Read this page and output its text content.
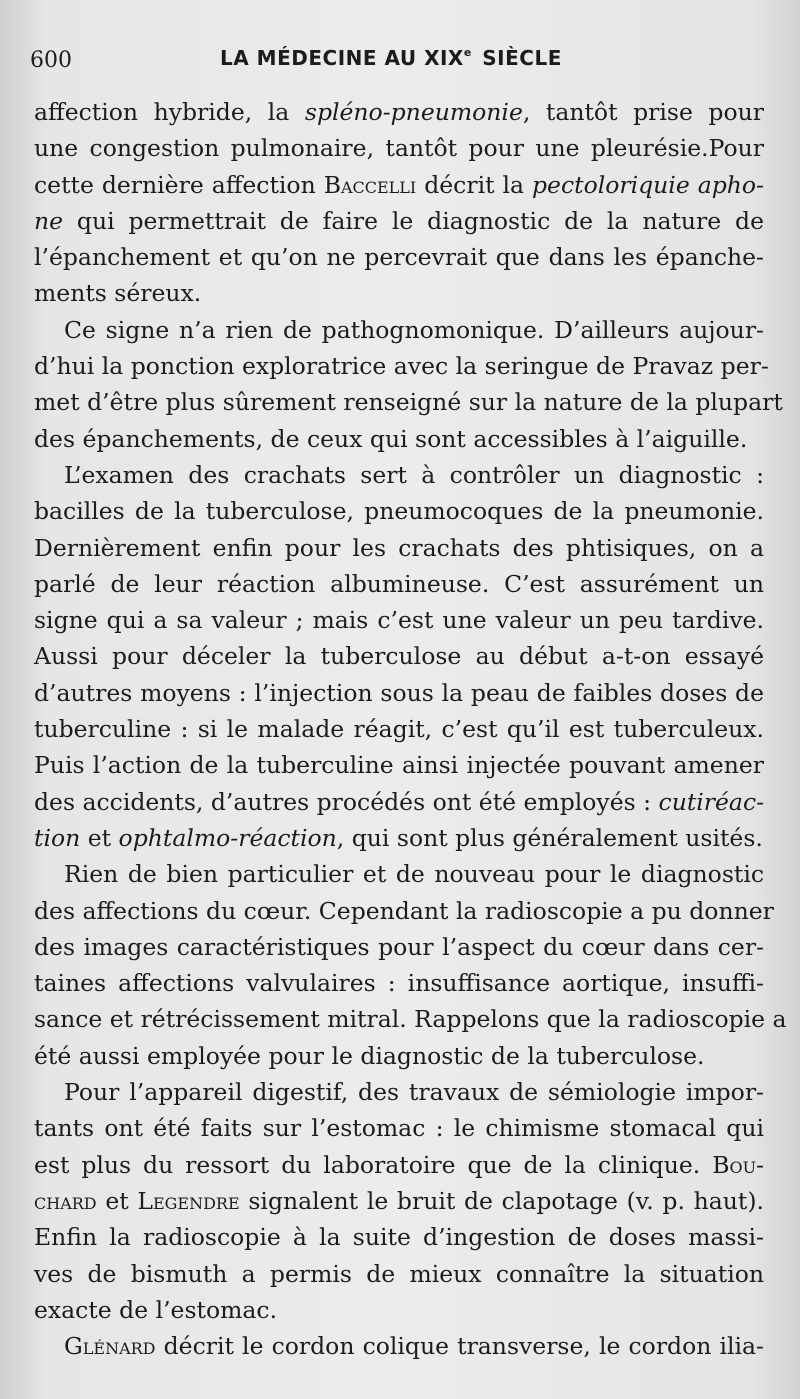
600	LA MÉDECINE AU XIXe SIÈCLE
affection hybride, la spléno-pneumonie, tantôt prise pour
une congestion pulmonaire, tantôt pour une pleurésie.Pour
cette dernière affection Baccelli décrit la pectoloriquie apho-
ne qui permettrait de faire le diagnostic de la nature de
l’épanchement et qu’on ne percevrait que dans les épanche-
ments séreux.
Ce signe n’a rien de pathognomonique. D’ailleurs aujour-
d’hui la ponction exploratrice avec la seringue de Pravaz per-
met d’être plus sûrement renseigné sur la nature de la plupart
des épanchements, de ceux qui sont accessibles à l’aiguille.
L’examen des crachats sert à contrôler un diagnostic :
bacilles de la tuberculose, pneumocoques de la pneumonie.
Dernièrement enfin pour les crachats des phtisiques, on a
parlé de leur réaction albumineuse. C’est assurément un
signe qui a sa valeur ; mais c’est une valeur un peu tardive.
Aussi pour déceler la tuberculose au début a-t-on essayé
d’autres moyens : l’injection sous la peau de faibles doses de
tuberculine : si le malade réagit, c’est qu’il est tuberculeux.
Puis l’action de la tuberculine ainsi injectée pouvant amener
des accidents, d’autres procédés ont été employés : cutiréac-
tion et ophtalmo-réaction, qui sont plus généralement usités.
Rien de bien particulier et de nouveau pour le diagnostic
des affections du cœur. Cependant la radioscopie a pu donner
des images caractéristiques pour l’aspect du cœur dans cer-
taines affections valvulaires : insuffisance aortique, insuffi-
sance et rétrécissement mitral. Rappelons que la radioscopie a
été aussi employée pour le diagnostic de la tuberculose.
Pour l’appareil digestif, des travaux de sémiologie impor-
tants ont été faits sur l’estomac : le chimisme stomacal qui
est plus du ressort du laboratoire que de la clinique. Bou-
chard et Legendre signalent le bruit de clapotage (v. p. haut).
Enfin la radioscopie à la suite d’ingestion de doses massi-
ves de bismuth a permis de mieux connaître la situation
exacte de l’estomac.
Glénard décrit le cordon colique transverse, le cordon ilia-
